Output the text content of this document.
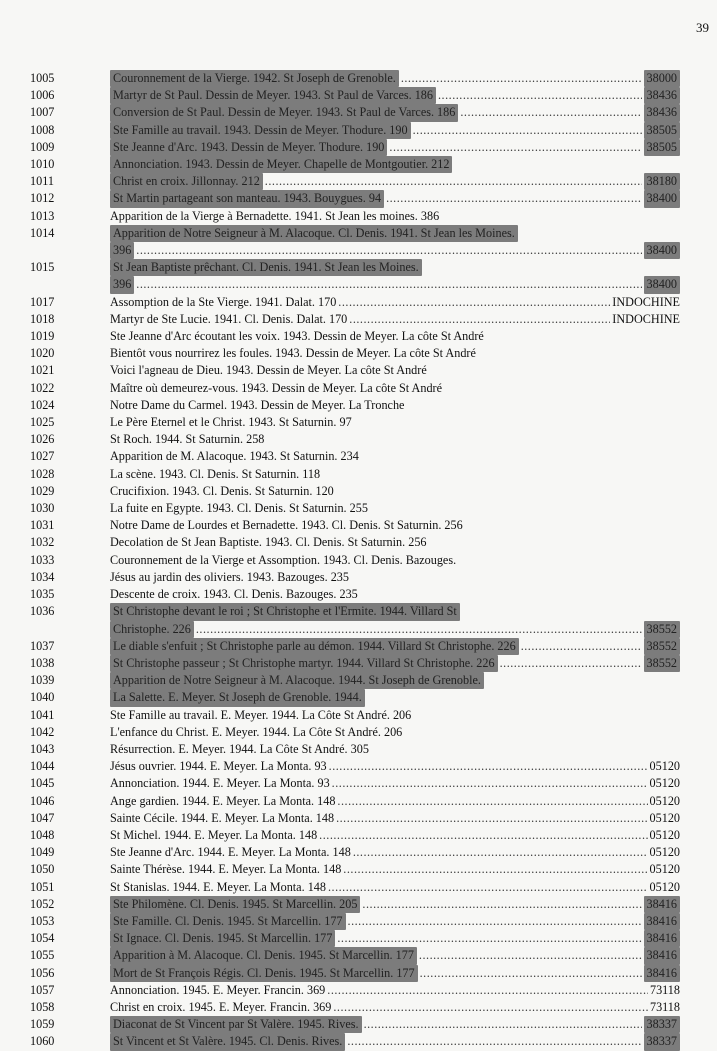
39
1005	Couronnement de la Vierge. 1942. St Joseph de Grenoble. .....	38000
1006	Martyr de St Paul. Dessin de Meyer. 1943. St Paul de Varces. 186 .....	38436
1007	Conversion de St Paul. Dessin de Meyer. 1943. St Paul de Varces. 186 .....	38436
1008	Ste Famille au travail. 1943. Dessin de Meyer. Thodure. 190 .....	38505
1009	Ste Jeanne d'Arc. 1943. Dessin de Meyer. Thodure. 190 .....	38505
1010	Annonciation. 1943. Dessin de Meyer. Chapelle de Montgoutier. 212
1011	Christ en croix. Jillonnay. 212 .....	38180
1012	St Martin partageant son manteau. 1943. Bouygues. 94 .....	38400
1013	Apparition de la Vierge à Bernadette. 1941. St Jean les moines. 386
1014	Apparition de Notre Seigneur à M. Alacoque. Cl. Denis. 1941. St Jean les Moines.
396 .....	38400
1015	St Jean Baptiste prêchant. Cl. Denis. 1941. St Jean les Moines.
396 .....	38400
1017	Assomption de la Ste Vierge. 1941. Dalat. 170 .....	INDOCHINE
1018	Martyr de Ste Lucie. 1941. Cl. Denis. Dalat. 170 .....	INDOCHINE
1019	Ste Jeanne d'Arc écoutant les voix. 1943. Dessin de Meyer. La côte St André
1020	Bientôt vous nourrirez les foules. 1943. Dessin de Meyer. La côte St André
1021	Voici l'agneau de Dieu. 1943. Dessin de Meyer. La côte St André
1022	Maître où demeurez-vous. 1943. Dessin de Meyer. La côte St André
1024	Notre Dame du Carmel. 1943. Dessin de Meyer. La Tronche
1025	Le Père Eternel et le Christ. 1943. St Saturnin. 97
1026	St Roch. 1944. St Saturnin. 258
1027	Apparition de M. Alacoque. 1943. St Saturnin. 234
1028	La scène. 1943. Cl. Denis. St Saturnin. 118
1029	Crucifixion. 1943. Cl. Denis. St Saturnin. 120
1030	La fuite en Egypte. 1943. Cl. Denis. St Saturnin. 255
1031	Notre Dame de Lourdes et Bernadette. 1943. Cl. Denis. St Saturnin. 256
1032	Decolation de St Jean Baptiste. 1943. Cl. Denis. St Saturnin. 256
1033	Couronnement de la Vierge et Assomption. 1943. Cl. Denis. Bazouges.
1034	Jésus au jardin des oliviers. 1943. Bazouges. 235
1035	Descente de croix. 1943. Cl. Denis. Bazouges. 235
1036	St Christophe devant le roi ; St Christophe et l'Ermite. 1944. Villard St
Christophe. 226 .....	38552
1037	Le diable s'enfuit ; St Christophe parle au démon. 1944. Villard St Christophe. 226 .....	38552
1038	St Christophe passeur ; St Christophe martyr. 1944. Villard St Christophe. 226 .....	38552
1039	Apparition de Notre Seigneur à M. Alacoque. 1944. St Joseph de Grenoble.
1040	La Salette. E. Meyer. St Joseph de Grenoble. 1944.
1041	Ste Famille au travail. E. Meyer. 1944. La Côte St André. 206
1042	L'enfance du Christ. E. Meyer. 1944. La Côte St André. 206
1043	Résurrection. E. Meyer. 1944. La Côte St André. 305
1044	Jésus ouvrier. 1944. E. Meyer. La Monta. 93 .....	05120
1045	Annonciation. 1944. E. Meyer. La Monta. 93 .....	05120
1046	Ange gardien. 1944. E. Meyer. La Monta. 148 .....	05120
1047	Sainte Cécile. 1944. E. Meyer. La Monta. 148 .....	05120
1048	St Michel. 1944. E. Meyer. La Monta. 148 .....	05120
1049	Ste Jeanne d'Arc. 1944. E. Meyer. La Monta. 148 .....	05120
1050	Sainte Thérèse. 1944. E. Meyer. La Monta. 148 .....	05120
1051	St Stanislas. 1944. E. Meyer. La Monta. 148 .....	05120
1052	Ste Philomène. Cl. Denis. 1945. St Marcellin. 205 .....	38416
1053	Ste Famille. Cl. Denis. 1945. St Marcellin. 177 .....	38416
1054	St Ignace. Cl. Denis. 1945. St Marcellin. 177 .....	38416
1055	Apparition à M. Alacoque. Cl. Denis. 1945. St Marcellin. 177 .....	38416
1056	Mort de St François Régis. Cl. Denis. 1945. St Marcellin. 177 .....	38416
1057	Annonciation. 1945. E. Meyer. Francin. 369 .....	73118
1058	Christ en croix. 1945. E. Meyer. Francin. 369 .....	73118
1059	Diaconat de St Vincent par St Valère. 1945. Rives. .....	38337
1060	St Vincent et St Valère. 1945. Cl. Denis. Rives. .....	38337
